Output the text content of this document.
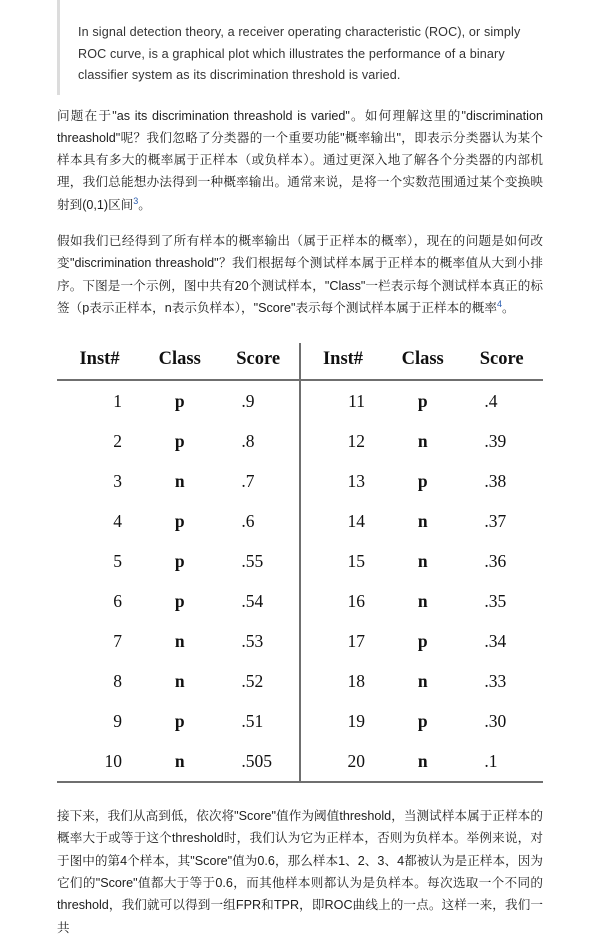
In signal detection theory, a receiver operating characteristic (ROC), or simply ROC curve, is a graphical plot which illustrates the performance of a binary classifier system as its discrimination threshold is varied.

问题在于"as its discrimination threashold is varied"。如何理解这里的"discrimination threashold"呢？我们忽略了分类器的一个重要功能"概率输出"，即表示分类器认为某个样本具有多大的概率属于正样本（或负样本）。通过更深入地了解各个分类器的内部机理，我们总能想办法得到一种概率输出。通常来说，是将一个实数范围通过某个变换映射到(0,1)区间$^3$。

假如我们已经得到了所有样本的概率输出（属于正样本的概率），现在的问题是如何改变"discrimination threashold"？我们根据每个测试样本属于正样本的概率值从大到小排序。下图是一个示例，图中共有20个测试样本，"Class"一栏表示每个测试样本真正的标签（p表示正样本，n表示负样本），"Score"表示每个测试样本属于正样本的概率$^4$。

Inst#	Class	Score	Inst#	Class	Score
1	p	.9	11	p	.4
2	p	.8	12	n	.39
3	n	.7	13	p	.38
4	p	.6	14	n	.37
5	p	.55	15	n	.36
6	p	.54	16	n	.35
7	n	.53	17	p	.34
8	n	.52	18	n	.33
9	p	.51	19	p	.30
10	n	.505	20	n	.1

接下来，我们从高到低，依次将"Score"值作为阈值threshold，当测试样本属于正样本的概率大于或等于这个threshold时，我们认为它为正样本，否则为负样本。举例来说，对于图中的第4个样本，其"Score"值为0.6，那么样本1、2、3、4都被认为是正样本，因为它们的"Score"值都大于等于0.6，而其他样本则都认为是负样本。每次选取一个不同的threshold，我们就可以得到一组FPR和TPR，即ROC曲线上的一点。这样一来，我们一共
